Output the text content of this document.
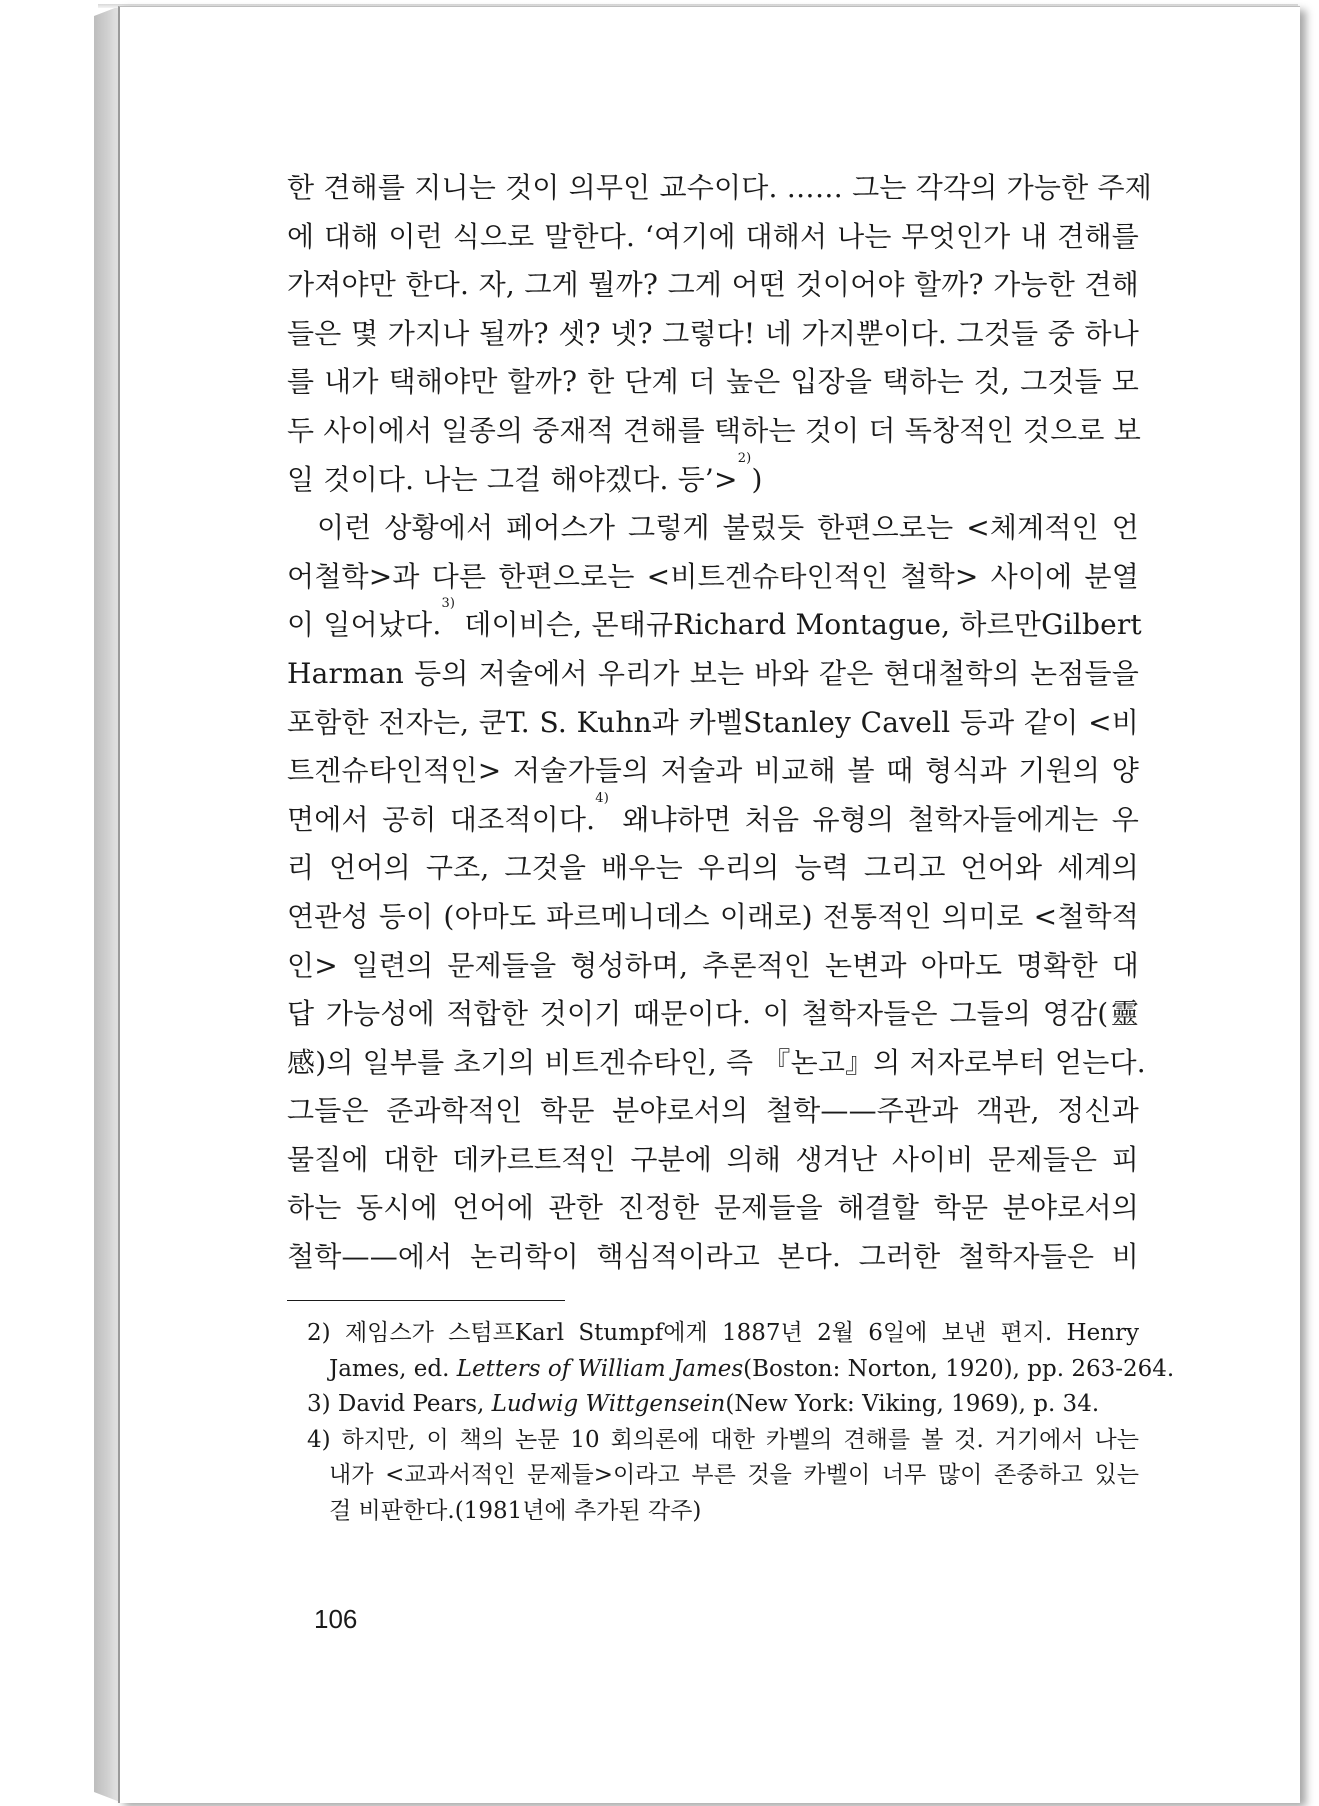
한 견해를 지니는 것이 의무인 교수이다. …… 그는 각각의 가능한 주제
에 대해 이런 식으로 말한다. ‘여기에 대해서 나는 무엇인가 내 견해를
가져야만 한다. 자, 그게 뭘까? 그게 어떤 것이어야 할까? 가능한 견해
들은 몇 가지나 될까? 셋? 넷? 그렇다! 네 가지뿐이다. 그것들 중 하나
를 내가 택해야만 할까? 한 단계 더 높은 입장을 택하는 것, 그것들 모
두 사이에서 일종의 중재적 견해를 택하는 것이 더 독창적인 것으로 보
일 것이다. 나는 그걸 해야겠다. 등’>$^{2)}$)
이런 상황에서 페어스가 그렇게 불렀듯 한편으로는 <체계적인 언
어철학>과 다른 한편으로는 <비트겐슈타인적인 철학> 사이에 분열
이 일어났다.$^{3)}$ 데이비슨, 몬태규Richard Montague, 하르만Gilbert
Harman 등의 저술에서 우리가 보는 바와 같은 현대철학의 논점들을
포함한 전자는, 쿤T. S. Kuhn과 카벨Stanley Cavell 등과 같이 <비
트겐슈타인적인> 저술가들의 저술과 비교해 볼 때 형식과 기원의 양
면에서 공히 대조적이다.$^{4)}$ 왜냐하면 처음 유형의 철학자들에게는 우
리 언어의 구조, 그것을 배우는 우리의 능력 그리고 언어와 세계의
연관성 등이 (아마도 파르메니데스 이래로) 전통적인 의미로 <철학적
인> 일련의 문제들을 형성하며, 추론적인 논변과 아마도 명확한 대
답 가능성에 적합한 것이기 때문이다. 이 철학자들은 그들의 영감(靈
感)의 일부를 초기의 비트겐슈타인, 즉 『논고』의 저자로부터 얻는다.
그들은 준과학적인 학문 분야로서의 철학——주관과 객관, 정신과
물질에 대한 데카르트적인 구분에 의해 생겨난 사이비 문제들은 피
하는 동시에 언어에 관한 진정한 문제들을 해결할 학문 분야로서의
철학——에서 논리학이 핵심적이라고 본다. 그러한 철학자들은 비
2) 제임스가 스텀프Karl Stumpf에게 1887년 2월 6일에 보낸 편지. Henry
James, ed. Letters of William James(Boston: Norton, 1920), pp. 263-264.
3) David Pears, Ludwig Wittgensein(New York: Viking, 1969), p. 34.
4) 하지만, 이 책의 논문 10 회의론에 대한 카벨의 견해를 볼 것. 거기에서 나는
내가 <교과서적인 문제들>이라고 부른 것을 카벨이 너무 많이 존중하고 있는
걸 비판한다.(1981년에 추가된 각주)
106
